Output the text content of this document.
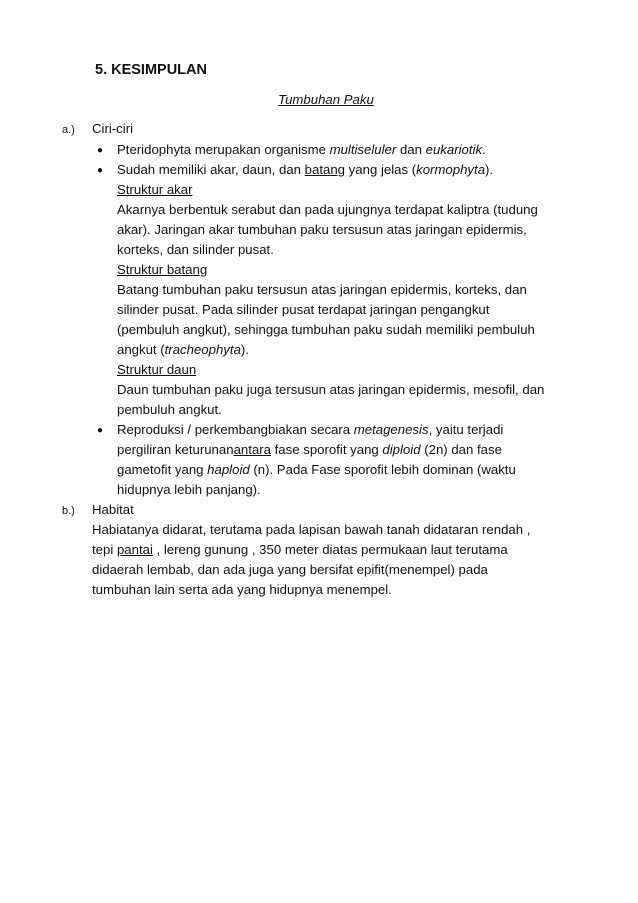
5. KESIMPULAN
Tumbuhan Paku
a.) Ciri-ciri
● Pteridophyta merupakan organisme multiseluler dan eukariotik.
● Sudah memiliki akar, daun, dan batang yang jelas (kormophyta).
Struktur akar
Akarnya berbentuk serabut dan pada ujungnya terdapat kaliptra (tudung
akar). Jaringan akar tumbuhan paku tersusun atas jaringan epidermis,
korteks, dan silinder pusat.
Struktur batang
Batang tumbuhan paku tersusun atas jaringan epidermis, korteks, dan
silinder pusat. Pada silinder pusat terdapat jaringan pengangkut
(pembuluh angkut), sehingga tumbuhan paku sudah memiliki pembuluh
angkut (tracheophyta).
Struktur daun
Daun tumbuhan paku juga tersusun atas jaringan epidermis, mesofil, dan
pembuluh angkut.
● Reproduksi / perkembangbiakan secara metagenesis, yaitu terjadi
pergiliran keturunanantara fase sporofit yang diploid (2n) dan fase
gametofit yang haploid (n). Pada Fase sporofit lebih dominan (waktu
hidupnya lebih panjang).
b.) Habitat
Habiatanya didarat, terutama pada lapisan bawah tanah didataran rendah ,
tepi pantai , lereng gunung , 350 meter diatas permukaan laut terutama
didaerah lembab, dan ada juga yang bersifat epifit(menempel) pada
tumbuhan lain serta ada yang hidupnya menempel.
